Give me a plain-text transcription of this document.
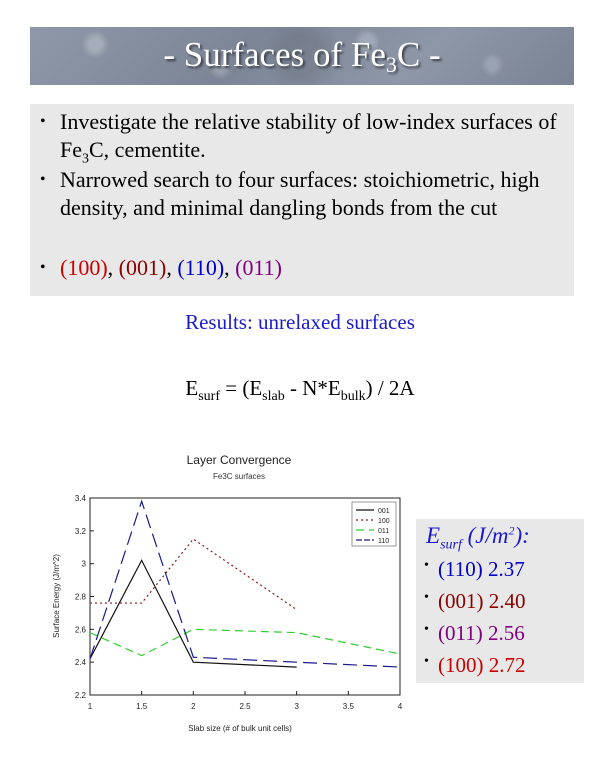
- Surfaces of $Fe_3C$ -
• Investigate the relative stability of low-index surfaces of $Fe_3C$, cementite.
• Narrowed search to four surfaces: stoichiometric, high density, and minimal dangling bonds from the cut
• (100), (001), (110), (011)
Results: unrelaxed surfaces
$E_{surf} = (E_{slab} - N*E_{bulk}) / 2A$
Layer Convergence
Fe3C surfaces
2.2
2.4
2.6
2.8
3
3.2
3.4
1	1.5	2	2.5	3	3.5	4
001
100
011
110
Slab size (# of bulk unit cells)
Surface Energy (J/m^2)
$E_{surf}$ $(J/m^2)$:
• (110) 2.37
• (001) 2.40
• (011) 2.56
• (100) 2.72
